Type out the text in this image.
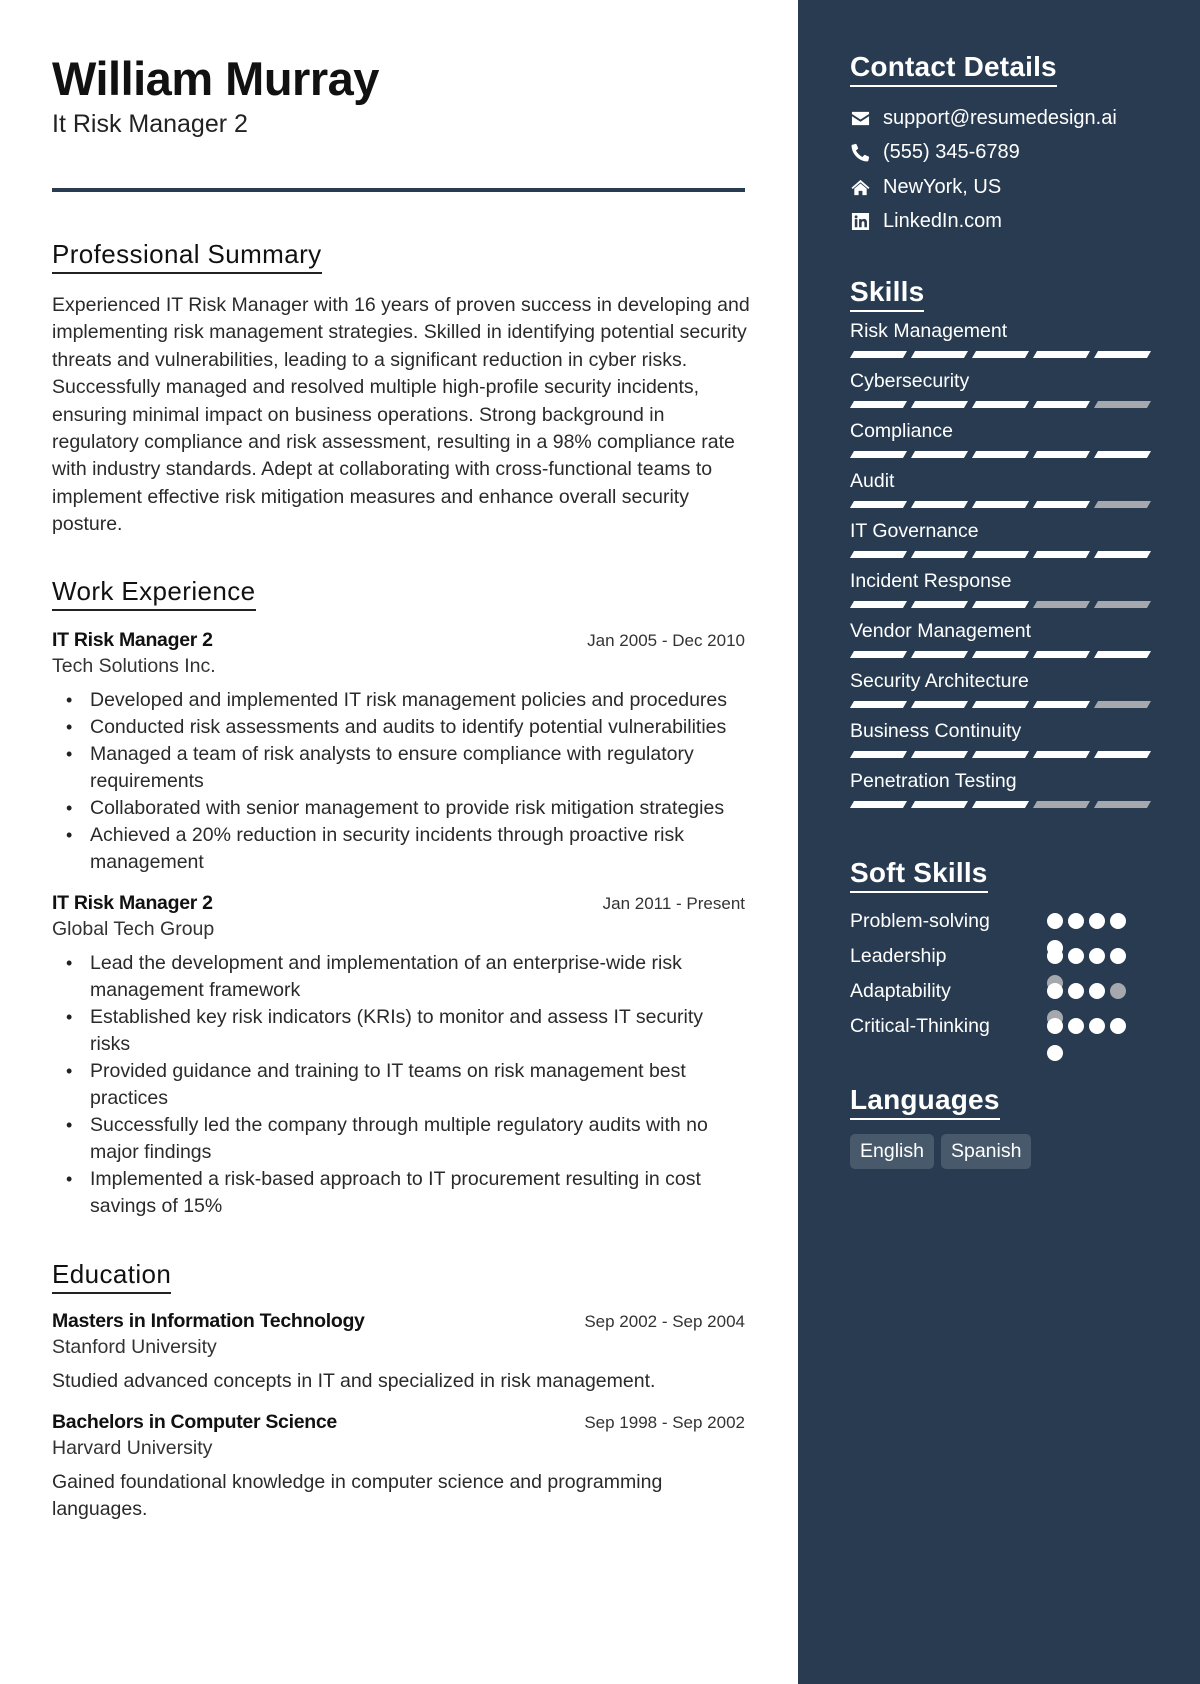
William Murray
It Risk Manager 2
Professional Summary

Experienced IT Risk Manager with 16 years of proven success in developing and implementing risk management strategies. Skilled in identifying potential security threats and vulnerabilities, leading to a significant reduction in cyber risks. Successfully managed and resolved multiple high-profile security incidents, ensuring minimal impact on business operations. Strong background in regulatory compliance and risk assessment, resulting in a 98% compliance rate with industry standards. Adept at collaborating with cross-functional teams to implement effective risk mitigation measures and enhance overall security posture.

Work Experience
IT Risk Manager 2	Jan 2005 - Dec 2010
Tech Solutions Inc.
• Developed and implemented IT risk management policies and procedures
• Conducted risk assessments and audits to identify potential vulnerabilities
• Managed a team of risk analysts to ensure compliance with regulatory requirements
• Collaborated with senior management to provide risk mitigation strategies
• Achieved a 20% reduction in security incidents through proactive risk management
IT Risk Manager 2	Jan 2011 - Present
Global Tech Group
• Lead the development and implementation of an enterprise-wide risk management framework
• Established key risk indicators (KRIs) to monitor and assess IT security risks
• Provided guidance and training to IT teams on risk management best practices
• Successfully led the company through multiple regulatory audits with no major findings
• Implemented a risk-based approach to IT procurement resulting in cost savings of 15%
Education
Masters in Information Technology	Sep 2002 - Sep 2004
Stanford University

Studied advanced concepts in IT and specialized in risk management.

Bachelors in Computer Science	Sep 1998 - Sep 2002
Harvard University

Gained foundational knowledge in computer science and programming languages.

Contact Details
support@resumedesign.ai
(555) 345-6789
NewYork, US
LinkedIn.com
Skills
Risk Management
Cybersecurity
Compliance
Audit
IT Governance
Incident Response
Vendor Management
Security Architecture
Business Continuity
Penetration Testing
Soft Skills
Problem-solving
Leadership
Adaptability
Critical-Thinking
Languages
English	Spanish
